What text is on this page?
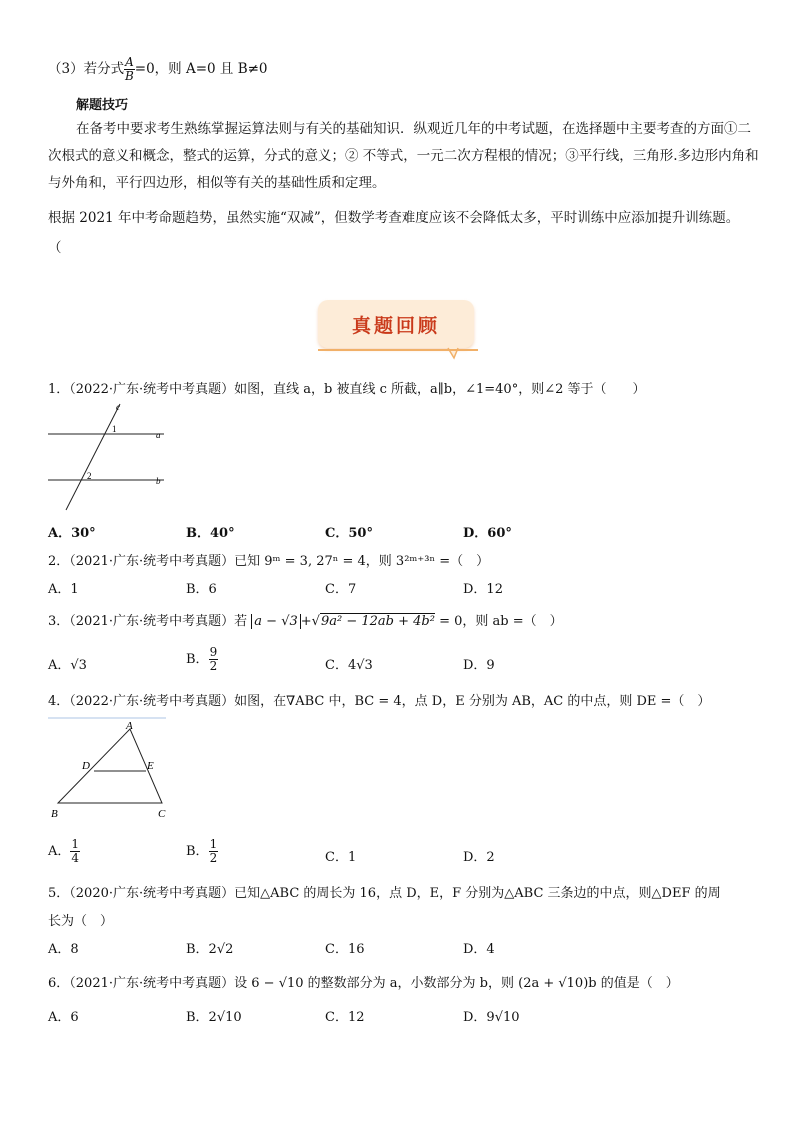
（3）若分式 $\frac{A}{B} =0$，则 A=0 且 B≠0
解题技巧
在备考中要求考生熟练掌握运算法则与有关的基础知识．纵观近几年的中考试题，在选择题中主要考查的方面①二次根式的意义和概念，整式的运算，分式的意义；② 不等式，一元二次方程根的情况；③平行线，三角形.多边形内角和与外角和，平行四边形，相似等有关的基础性质和定理。
根据 2021 年中考命题趋势，虽然实施“双减”，但数学考查难度应该不会降低太多，平时训练中应添加提升训练题。
（
真题回顾
1．（2022·广东·统考中考真题）如图，直线 a，b 被直线 c 所截，a∥b，∠1=40°，则∠2 等于（　　）
c
a
b
1
2
A．30°	B．40°	C．50°	D．60°
2．（2021·广东·统考中考真题）已知 9ᵐ = 3, 27ⁿ = 4，则 3²ᵐ⁺³ⁿ =（　）
A．1	B．6	C．7	D．12
3．（2021·广东·统考中考真题）若 a − √3 +√9a² − 12ab + 4b² = 0，则 ab =（　）
A．√3	B． $\frac{9}{2}$	C．4√3	D．9
4．（2022·广东·统考中考真题）如图，在∇ABC 中，BC = 4，点 D，E 分别为 AB，AC 的中点，则 DE =（　）
A
D	E
B	C
A． $\frac{1}{4}$	B． $\frac{1}{2}$	C．1	D．2
5．（2020·广东·统考中考真题）已知△ABC 的周长为 16，点 D，E，F 分别为△ABC 三条边的中点，则△DEF 的周
长为（　）
A．8	B．2√2	C．16	D．4
6．（2021·广东·统考中考真题）设 6 − √10 的整数部分为 a，小数部分为 b，则 (2a + √10)b 的值是（　）
A．6	B．2√10	C．12	D．9√10
